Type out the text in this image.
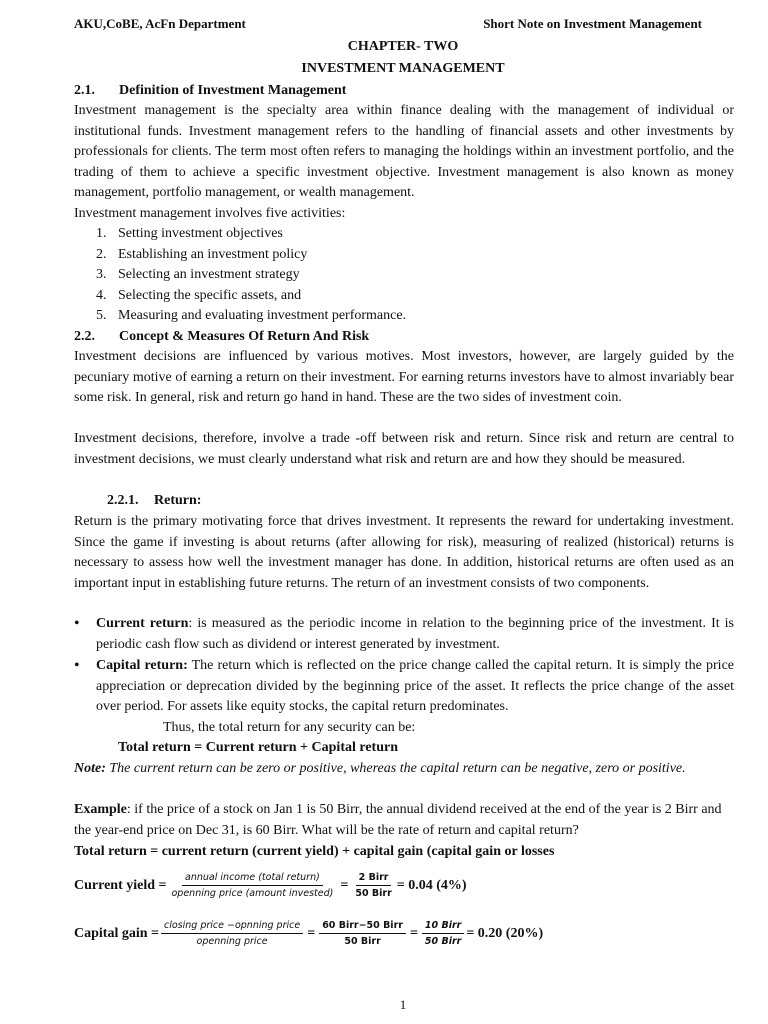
AKU,CoBE, AcFn Department	Short Note on Investment Management
CHAPTER- TWO
INVESTMENT MANAGEMENT
2.1. Definition of Investment Management
Investment management is the specialty area within finance dealing with the management of individual or institutional funds. Investment management refers to the handling of financial assets and other investments by professionals for clients. The term most often refers to managing the holdings within an investment portfolio, and the trading of them to achieve a specific investment objective. Investment management is also known as money management, portfolio management, or wealth management.
Investment management involves five activities:
1. Setting investment objectives
2. Establishing an investment policy
3. Selecting an investment strategy
4. Selecting the specific assets, and
5. Measuring and evaluating investment performance.
2.2. Concept & Measures Of Return And Risk
Investment decisions are influenced by various motives. Most investors, however, are largely guided by the pecuniary motive of earning a return on their investment. For earning returns investors have to almost invariably bear some risk. In general, risk and return go hand in hand. These are the two sides of investment coin.
Investment decisions, therefore, involve a trade -off between risk and return. Since risk and return are central to investment decisions, we must clearly understand what risk and return are and how they should be measured.
2.2.1. Return:
Return is the primary motivating force that drives investment. It represents the reward for undertaking investment. Since the game if investing is about returns (after allowing for risk), measuring of realized (historical) returns is necessary to assess how well the investment manager has done. In addition, historical returns are often used as an important input in establishing future returns. The return of an investment consists of two components.
• Current return: is measured as the periodic income in relation to the beginning price of the investment. It is periodic cash flow such as dividend or interest generated by investment.
• Capital return: The return which is reflected on the price change called the capital return. It is simply the price appreciation or deprecation divided by the beginning price of the asset. It reflects the price change of the asset over period. For assets like equity stocks, the capital return predominates.
Thus, the total return for any security can be:
Total return = Current return + Capital return
Note: The current return can be zero or positive, whereas the capital return can be negative, zero or positive.
Example: if the price of a stock on Jan 1 is 50 Birr, the annual dividend received at the end of the year is 2 Birr and the year-end price on Dec 31, is 60 Birr. What will be the rate of return and capital return?
Total return = current return (current yield) + capital gain (capital gain or losses
Current yield = $\frac{\text{annual income (total return)}}{\text{openning price (amount invested)}} = \frac{\text{2 Birr}}{\text{50 Birr}} = 0.04$ (4%)
Capital gain = $\frac{\text{closing price −opnning price}}{\text{openning price}} = \frac{\text{60 Birr−50 Birr}}{\text{50 Birr}} = \frac{\text{10 Birr}}{\text{50 Birr}} = 0.20$ (20%)
1
